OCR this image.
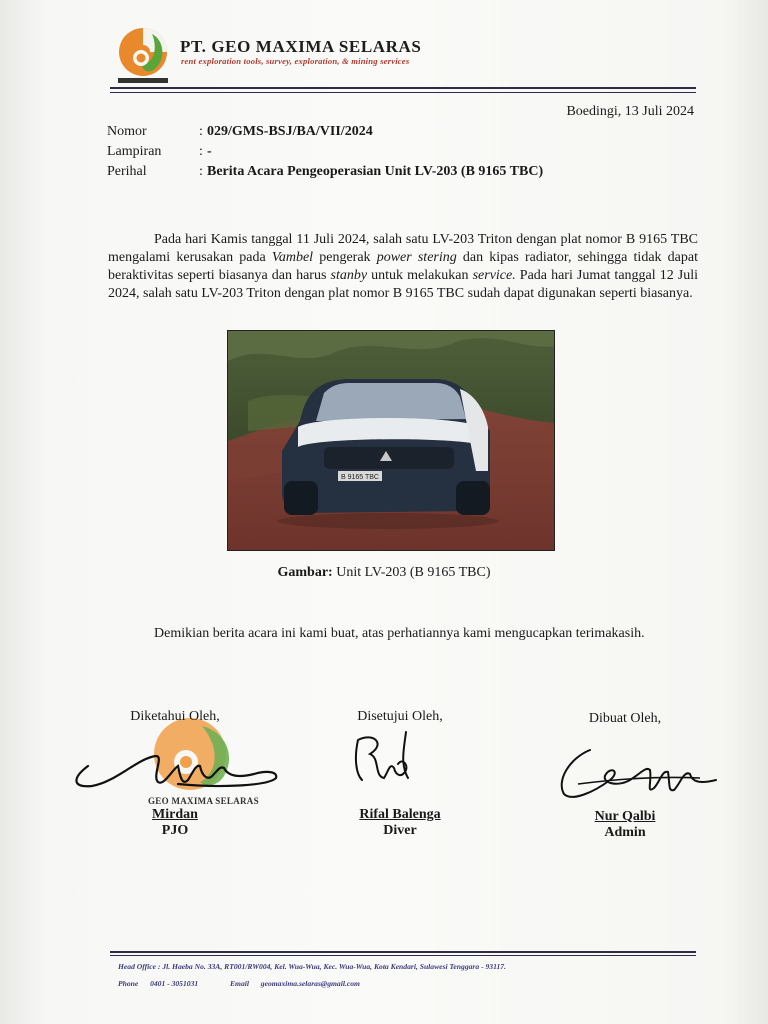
PT. GEO MAXIMA SELARAS
rent exploration tools, survey, exploration, & mining services
Boedingi, 13 Juli 2024
Nomor	: 029/GMS-BSJ/BA/VII/2024
Lampiran	: -
Perihal	: Berita Acara Pengeoperasian Unit LV-203 (B 9165 TBC)
Pada hari Kamis tanggal 11 Juli 2024, salah satu LV-203 Triton dengan plat nomor B 9165 TBC mengalami kerusakan pada Vambel pengerak power stering dan kipas radiator, sehingga tidak dapat beraktivitas seperti biasanya dan harus stanby untuk melakukan service. Pada hari Jumat tanggal 12 Juli 2024, salah satu LV-203 Triton dengan plat nomor B 9165 TBC sudah dapat digunakan seperti biasanya.
B 9165 TBC
Gambar: Unit LV-203 (B 9165 TBC)
Demikian berita acara ini kami buat, atas perhatiannya kami mengucapkan terimakasih.
GEO MAXIMA SELARAS
Diketahui Oleh,
Mirdan
PJO
Disetujui Oleh,
Rifal Balenga
Diver
Dibuat Oleh,
Nur Qalbi
Admin
Head Office : Jl. Haeba No. 33A, RT001/RW004, Kel. Wua-Wua, Kec. Wua-Wua, Kota Kendari, Sulawesi Tenggara - 93117.
Phone 0401 - 3051031	Email geomaxima.selaras@gmail.com
